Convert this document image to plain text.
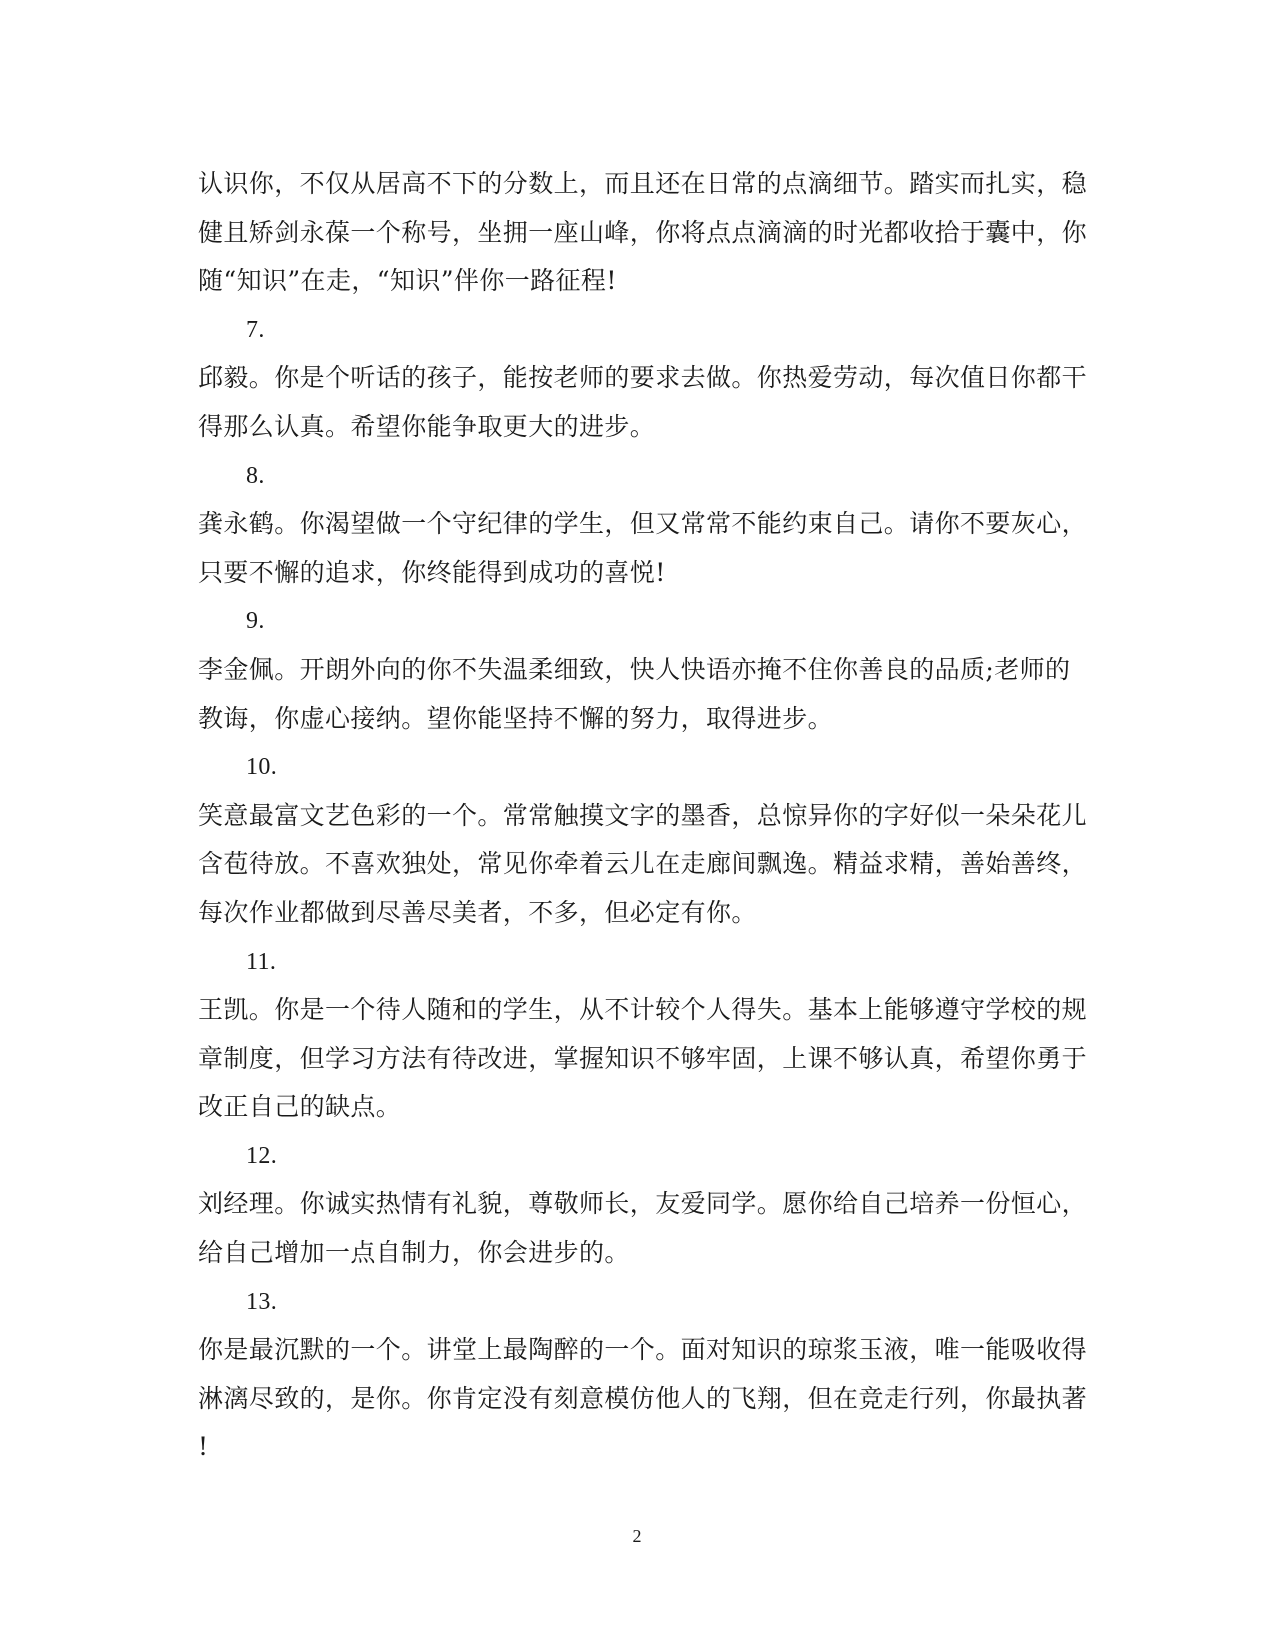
认识你，不仅从居高不下的分数上，而且还在日常的点滴细节。踏实而扎实，稳
健且矫剑永葆一个称号，坐拥一座山峰，你将点点滴滴的时光都收拾于囊中，你
随“知识”在走，“知识”伴你一路征程!
7.
邱毅。你是个听话的孩子，能按老师的要求去做。你热爱劳动，每次值日你都干
得那么认真。希望你能争取更大的进步。
8.
龚永鹤。你渴望做一个守纪律的学生，但又常常不能约束自己。请你不要灰心，
只要不懈的追求，你终能得到成功的喜悦!
9.
李金佩。开朗外向的你不失温柔细致，快人快语亦掩不住你善良的品质;老师的
教诲，你虚心接纳。望你能坚持不懈的努力，取得进步。
10.
笑意最富文艺色彩的一个。常常触摸文字的墨香，总惊异你的字好似一朵朵花儿
含苞待放。不喜欢独处，常见你牵着云儿在走廊间飘逸。精益求精，善始善终，
每次作业都做到尽善尽美者，不多，但必定有你。
11.
王凯。你是一个待人随和的学生，从不计较个人得失。基本上能够遵守学校的规
章制度，但学习方法有待改进，掌握知识不够牢固，上课不够认真，希望你勇于
改正自己的缺点。
12.
刘经理。你诚实热情有礼貌，尊敬师长，友爱同学。愿你给自己培养一份恒心，
给自己增加一点自制力，你会进步的。
13.
你是最沉默的一个。讲堂上最陶醉的一个。面对知识的琼浆玉液，唯一能吸收得
淋漓尽致的，是你。你肯定没有刻意模仿他人的飞翔，但在竞走行列，你最执著
!
2
